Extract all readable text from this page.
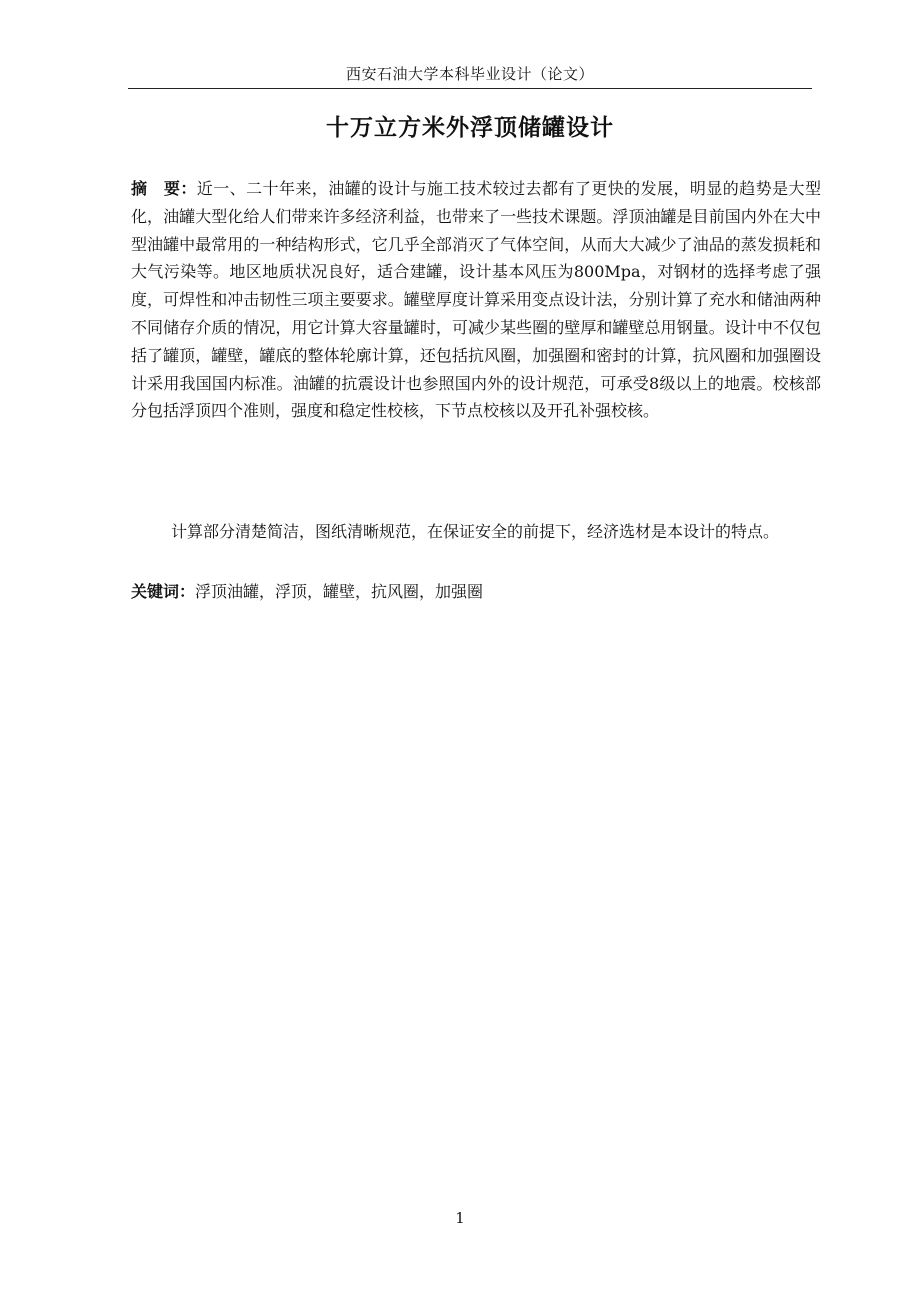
西安石油大学本科毕业设计（论文）
十万立方米外浮顶储罐设计

摘　要：近一、二十年来，油罐的设计与施工技术较过去都有了更快的发展，明显的趋势是大型化，油罐大型化给人们带来许多经济利益，也带来了一些技术课题。浮顶油罐是目前国内外在大中型油罐中最常用的一种结构形式，它几乎全部消灭了气体空间，从而大大减少了油品的蒸发损耗和大气污染等。地区地质状况良好，适合建罐，设计基本风压为800Mpa，对钢材的选择考虑了强度，可焊性和冲击韧性三项主要要求。罐壁厚度计算采用变点设计法，分别计算了充水和储油两种不同储存介质的情况，用它计算大容量罐时，可减少某些圈的壁厚和罐壁总用钢量。设计中不仅包括了罐顶，罐壁，罐底的整体轮廓计算，还包括抗风圈，加强圈和密封的计算，抗风圈和加强圈设计采用我国国内标准。油罐的抗震设计也参照国内外的设计规范，可承受8级以上的地震。校核部分包括浮顶四个准则，强度和稳定性校核，下节点校核以及开孔补强校核。

计算部分清楚简洁，图纸清晰规范，在保证安全的前提下，经济选材是本设计的特点。

关键词：浮顶油罐，浮顶，罐壁，抗风圈，加强圈

1
